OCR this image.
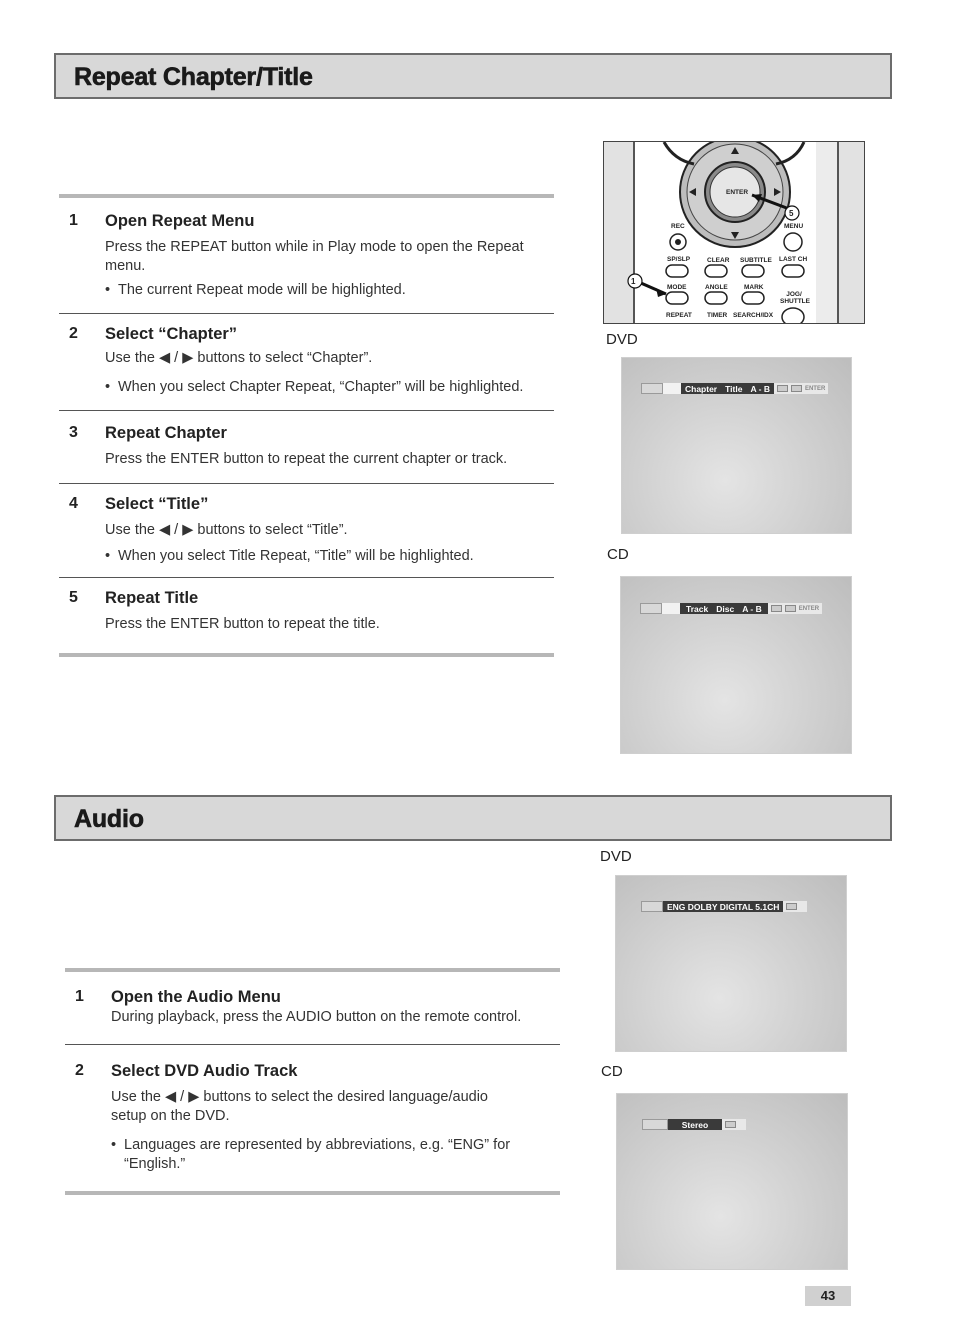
Repeat Chapter/Title
1 Open Repeat Menu
Press the REPEAT button while in Play mode to open the Repeat menu.
• The current Repeat mode will be highlighted.
2 Select “Chapter”
Use the ◀ / ▶ buttons to select “Chapter”.
• When you select Chapter Repeat, “Chapter” will be highlighted.
3 Repeat Chapter
Press the ENTER button to repeat the current chapter or track.
4 Select “Title”
Use the ◀ / ▶ buttons to select “Title”.
• When you select Title Repeat, “Title” will be highlighted.
5 Repeat Title
Press the ENTER button to repeat the title.
ENTER
5
1
REC	MENU
SP/SLP	CLEAR SUBTITLE LAST CH
MODE	ANGLE	MARK
JOG/ SHUTTLE
REPEAT TIMER SEARCH/IDX
DVD
Chapter Title A - B	ENTER
CD
Track Disc A - B	ENTER
Audio
1 Open the Audio Menu
During playback, press the AUDIO button on the remote control.
2 Select DVD Audio Track
Use the ◀ / ▶ buttons to select the desired language/audio setup on the DVD.
• Languages are represented by abbreviations, e.g. “ENG” for “English.”
DVD
ENG DOLBY DIGITAL 5.1CH
CD
Stereo
43
